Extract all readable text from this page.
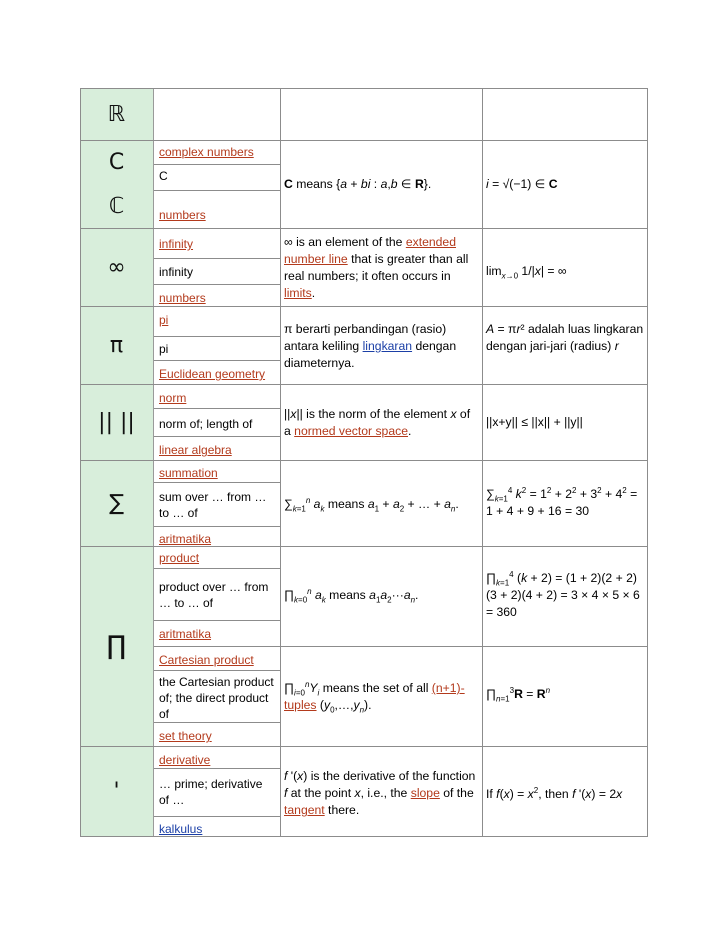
ℝ
C
ℂ
∞
π
|| ||
∑
∏
'
complex numbers
C
numbers
C means {a + bi : a,b ∈ R}.	i = √(−1) ∈ C
infinity
infinity
numbers
∞ is an element of the extended number line that is greater than all real numbers; it often occurs in limits.
$\lim_{x\to 0} 1/|x|$ = ∞
pi
pi
Euclidean geometry
π berarti perbandingan (rasio) antara keliling lingkaran dengan diameternya.
A = πr² adalah luas lingkaran dengan jari-jari (radius) r
norm
norm of; length of
linear algebra
||x|| is the norm of the element x of a normed vector space.
||x+y|| ≤ ||x|| + ||y||
summation
sum over … from … to … of
aritmatika
$\sum_{k=1}^n$ $a_k$ means $a_1 + a_2$ + … + $a_n$.
$\sum_{k=1}^4$ $k^2 = 1^2 + 2^2 + 3^2 + 4^2 = 1 + 4 + 9 + 16 = 30$
product
product over … from … to … of
aritmatika
Cartesian product
the Cartesian product of; the direct product of
set theory
$\prod_{k=0}^n$ $a_k$ means $a_1a_2\cdot\cdot\cdot a_n$.
$\prod_{k=1}^4$ (k + 2) = (1 + 2)(2 + 2)(3 + 2)(4 + 2) = 3 × 4 × 5 × 6 = 360
$\prod_{i=0}^nY_i$ means the set of all (n+1)-tuples $(y_0,\dots,y_n)$.
$\prod_{n=1}^3R = R^n$
derivative
… prime; derivative of …
kalkulus
f '(x) is the derivative of the function f at the point x, i.e., the slope of the tangent there.
If $f(x) = x^2$, then f '(x) = 2x
